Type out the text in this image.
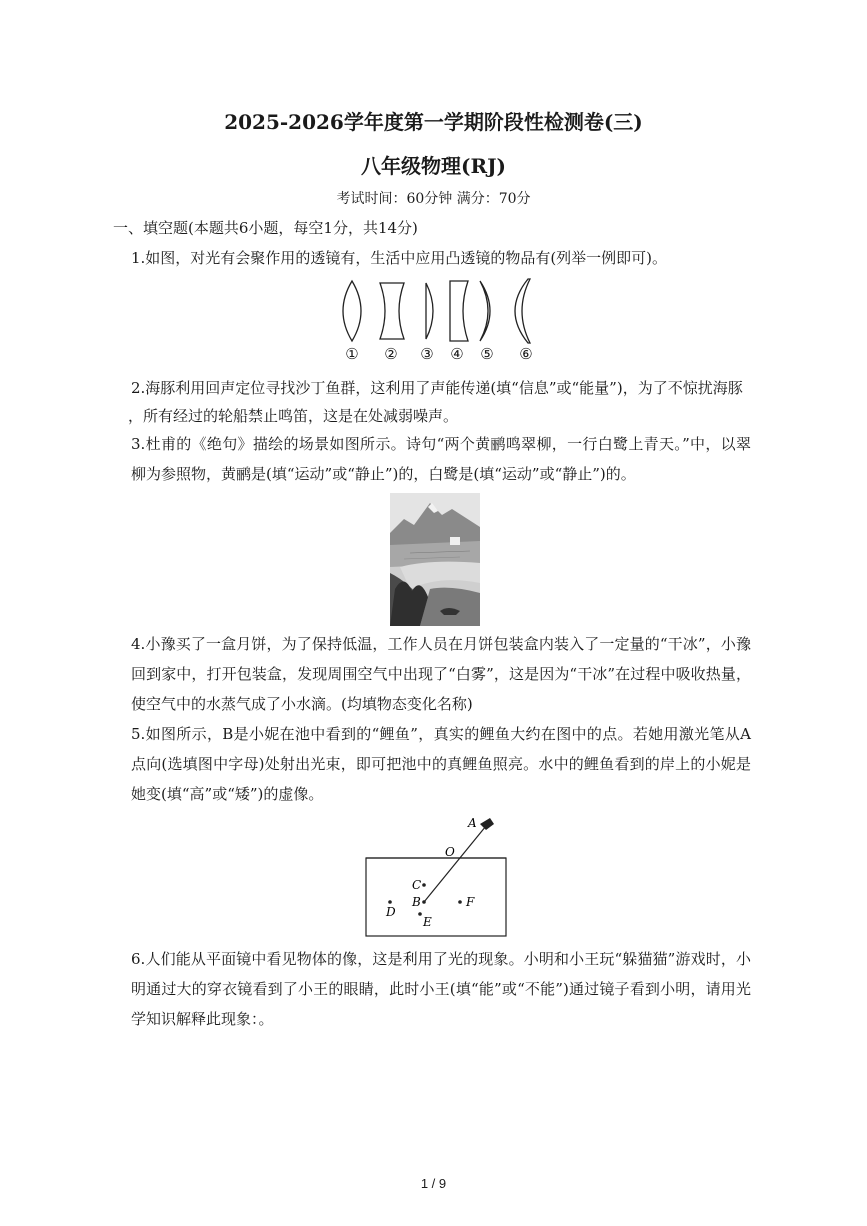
2025-2026学年度第一学期阶段性检测卷(三)
八年级物理(RJ)
考试时间：60分钟 满分：70分
一、填空题(本题共6小题，每空1分，共14分)
1.如图，对光有会聚作用的透镜有，生活中应用凸透镜的物品有(列举一例即可)。
① ② ③ ④ ⑤ ⑥
2.海豚利用回声定位寻找沙丁鱼群，这利用了声能传递(填“信息”或“能量”)，为了不惊扰海豚
，所有经过的轮船禁止鸣笛，这是在处减弱噪声。
3.杜甫的《绝句》描绘的场景如图所示。诗句“两个黄鹂鸣翠柳，一行白鹭上青天。”中，以翠柳为参照物，黄鹂是(填“运动”或“静止”)的，白鹭是(填“运动”或“静止”)的。
4.小豫买了一盒月饼，为了保持低温，工作人员在月饼包装盒内装入了一定量的“干冰”，小豫回到家中，打开包装盒，发现周围空气中出现了“白雾”，这是因为“干冰”在过程中吸收热量，使空气中的水蒸气成了小水滴。(均填物态变化名称)
5.如图所示，B是小妮在池中看到的“鲤鱼”，真实的鲤鱼大约在图中的点。若她用激光笔从A点向(选填图中字母)处射出光束，即可把池中的真鲤鱼照亮。水中的鲤鱼看到的岸上的小妮是她变(填“高”或“矮”)的虚像。
A
O
C
B
D
E
F
6.人们能从平面镜中看见物体的像，这是利用了光的现象。小明和小王玩“躲猫猫”游戏时，小明通过大的穿衣镜看到了小王的眼睛，此时小王(填“能”或“不能”)通过镜子看到小明，请用光学知识解释此现象：。
1 / 9
